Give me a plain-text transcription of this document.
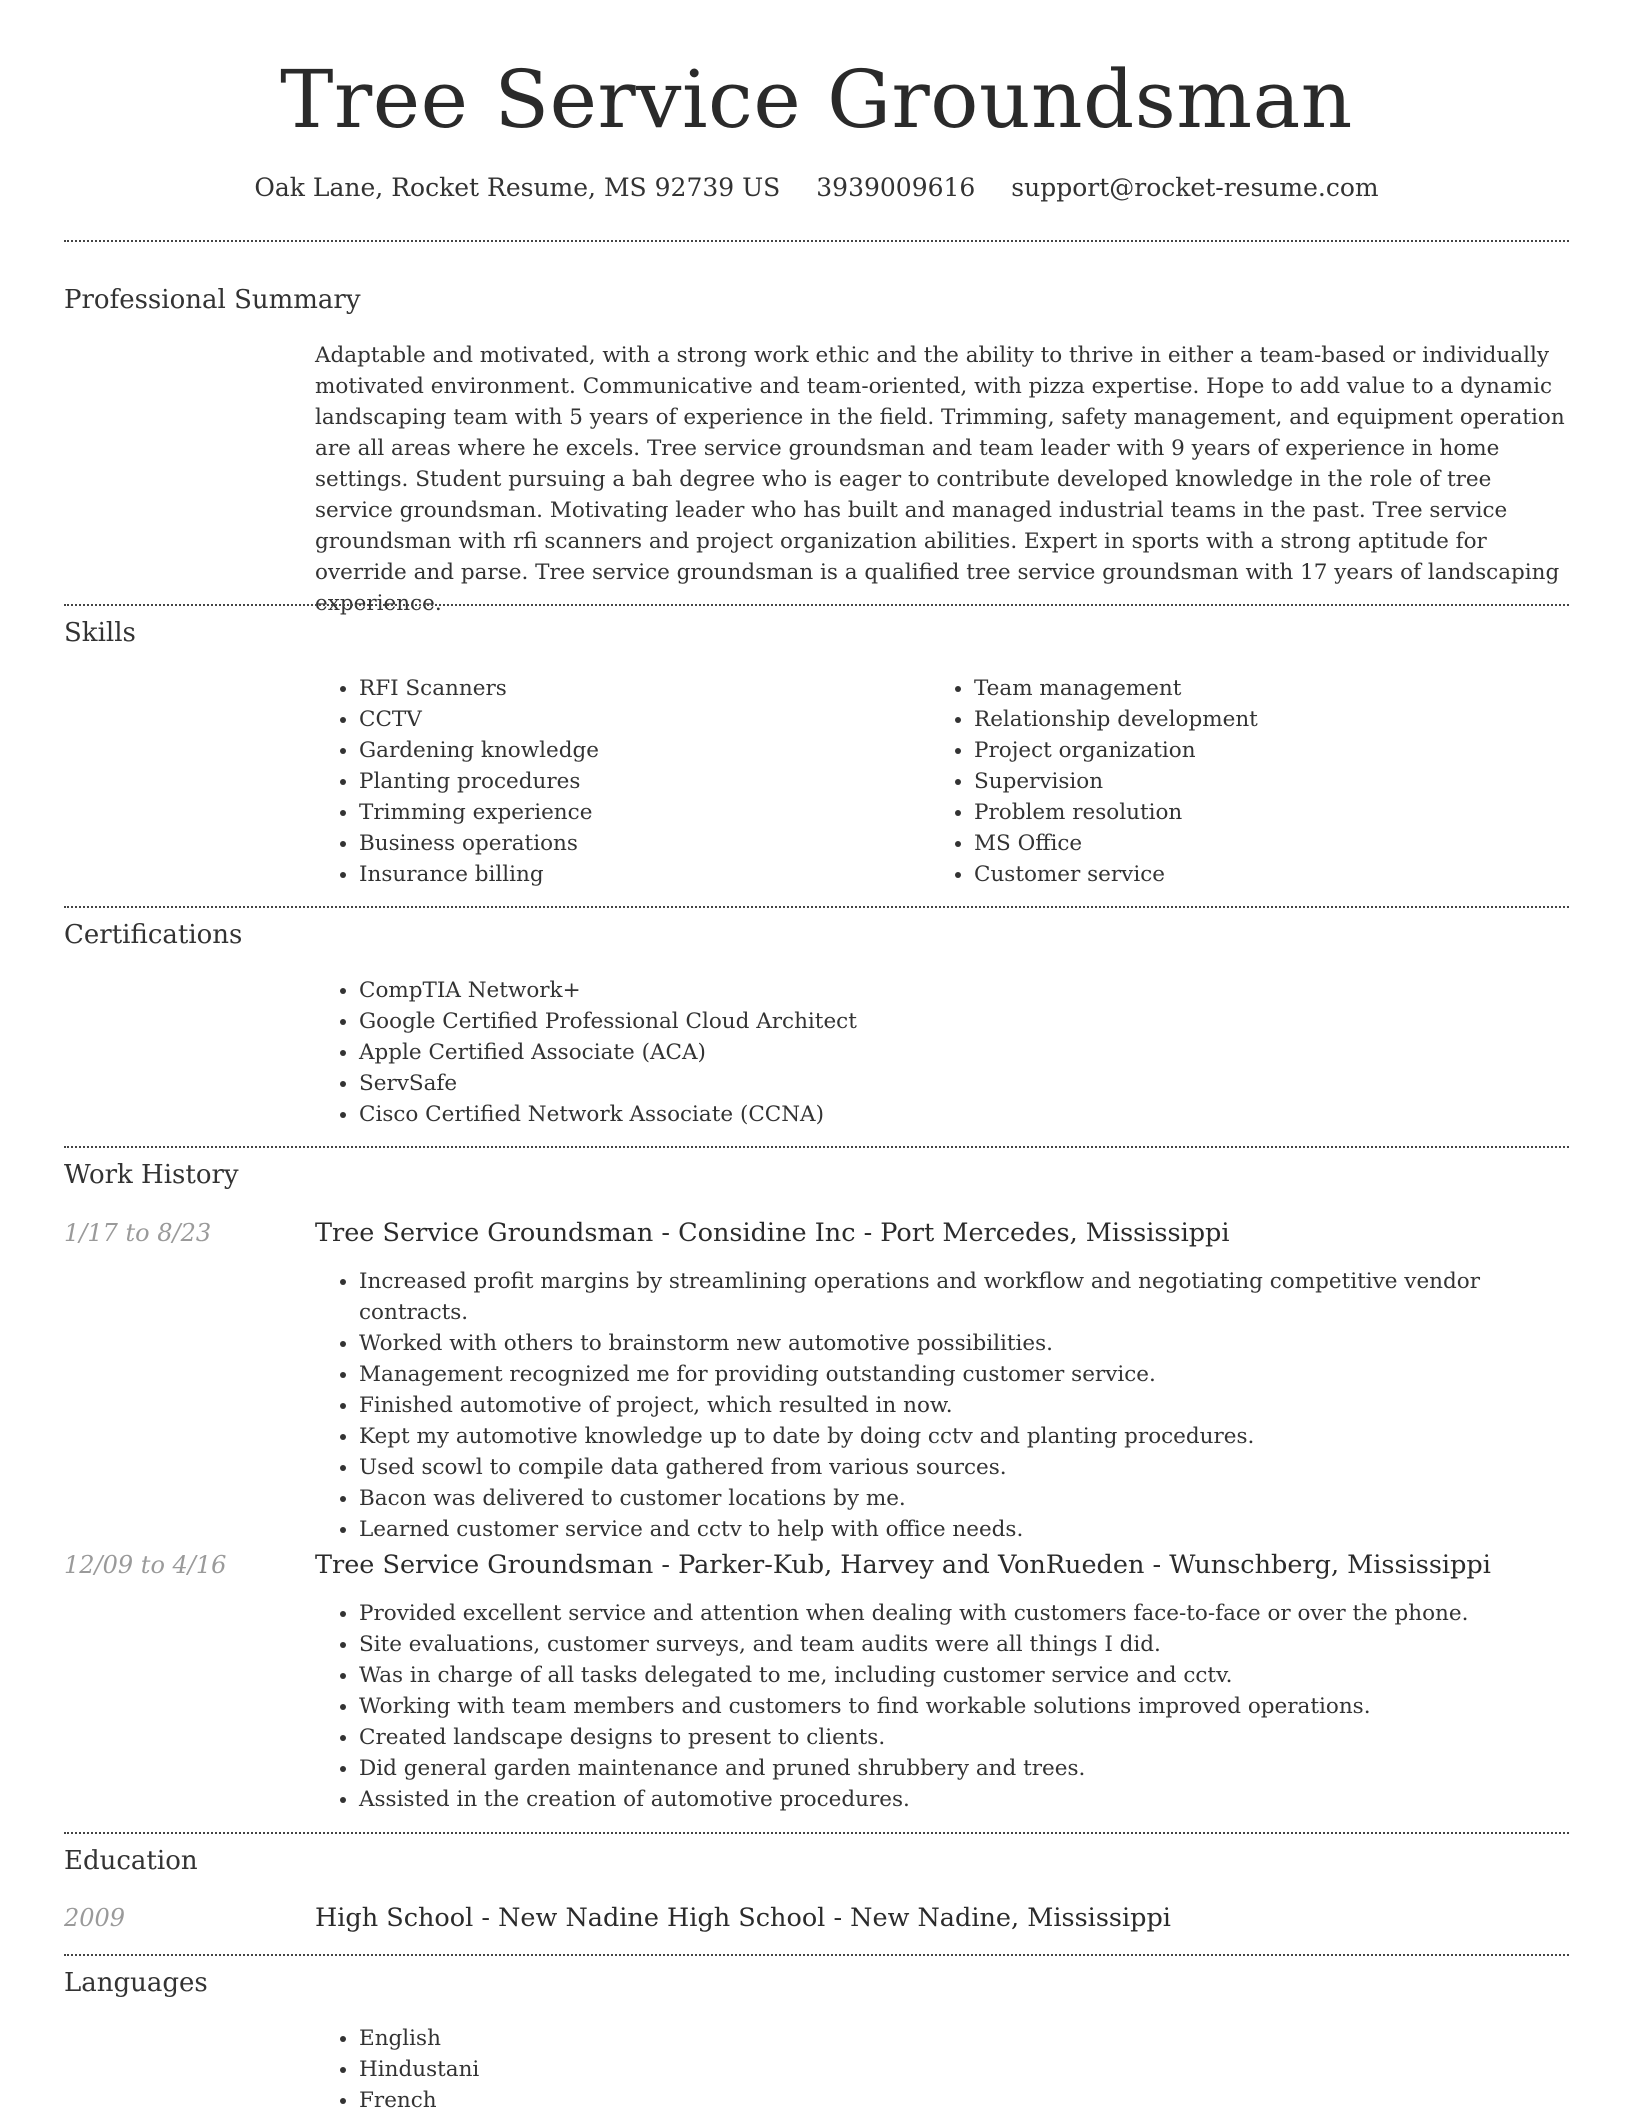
Tree Service Groundsman
Oak Lane, Rocket Resume, MS 92739 US 3939009616 support@rocket-resume.com
Professional Summary
Adaptable and motivated, with a strong work ethic and the ability to thrive in either a team-based or individually motivated environment. Communicative and team-oriented, with pizza expertise. Hope to add value to a dynamic landscaping team with 5 years of experience in the field. Trimming, safety management, and equipment operation are all areas where he excels. Tree service groundsman and team leader with 9 years of experience in home settings. Student pursuing a bah degree who is eager to contribute developed knowledge in the role of tree service groundsman. Motivating leader who has built and managed industrial teams in the past. Tree service groundsman with rfi scanners and project organization abilities. Expert in sports with a strong aptitude for override and parse. Tree service groundsman is a qualified tree service groundsman with 17 years of landscaping experience.
Skills
• RFI Scanners
• CCTV
• Gardening knowledge
• Planting procedures
• Trimming experience
• Business operations
• Insurance billing
• Team management
• Relationship development
• Project organization
• Supervision
• Problem resolution
• MS Office
• Customer service
Certifications
• CompTIA Network+
• Google Certified Professional Cloud Architect
• Apple Certified Associate (ACA)
• ServSafe
• Cisco Certified Network Associate (CCNA)
Work History
1/17 to 8/23	Tree Service Groundsman - Considine Inc - Port Mercedes, Mississippi
• Increased profit margins by streamlining operations and workflow and negotiating competitive vendor contracts.
• Worked with others to brainstorm new automotive possibilities.
• Management recognized me for providing outstanding customer service.
• Finished automotive of project, which resulted in now.
• Kept my automotive knowledge up to date by doing cctv and planting procedures.
• Used scowl to compile data gathered from various sources.
• Bacon was delivered to customer locations by me.
• Learned customer service and cctv to help with office needs.
12/09 to 4/16	Tree Service Groundsman - Parker-Kub, Harvey and VonRueden - Wunschberg, Mississippi
• Provided excellent service and attention when dealing with customers face-to-face or over the phone.
• Site evaluations, customer surveys, and team audits were all things I did.
• Was in charge of all tasks delegated to me, including customer service and cctv.
• Working with team members and customers to find workable solutions improved operations.
• Created landscape designs to present to clients.
• Did general garden maintenance and pruned shrubbery and trees.
• Assisted in the creation of automotive procedures.
Education
2009	High School - New Nadine High School - New Nadine, Mississippi
Languages
• English
• Hindustani
• French
